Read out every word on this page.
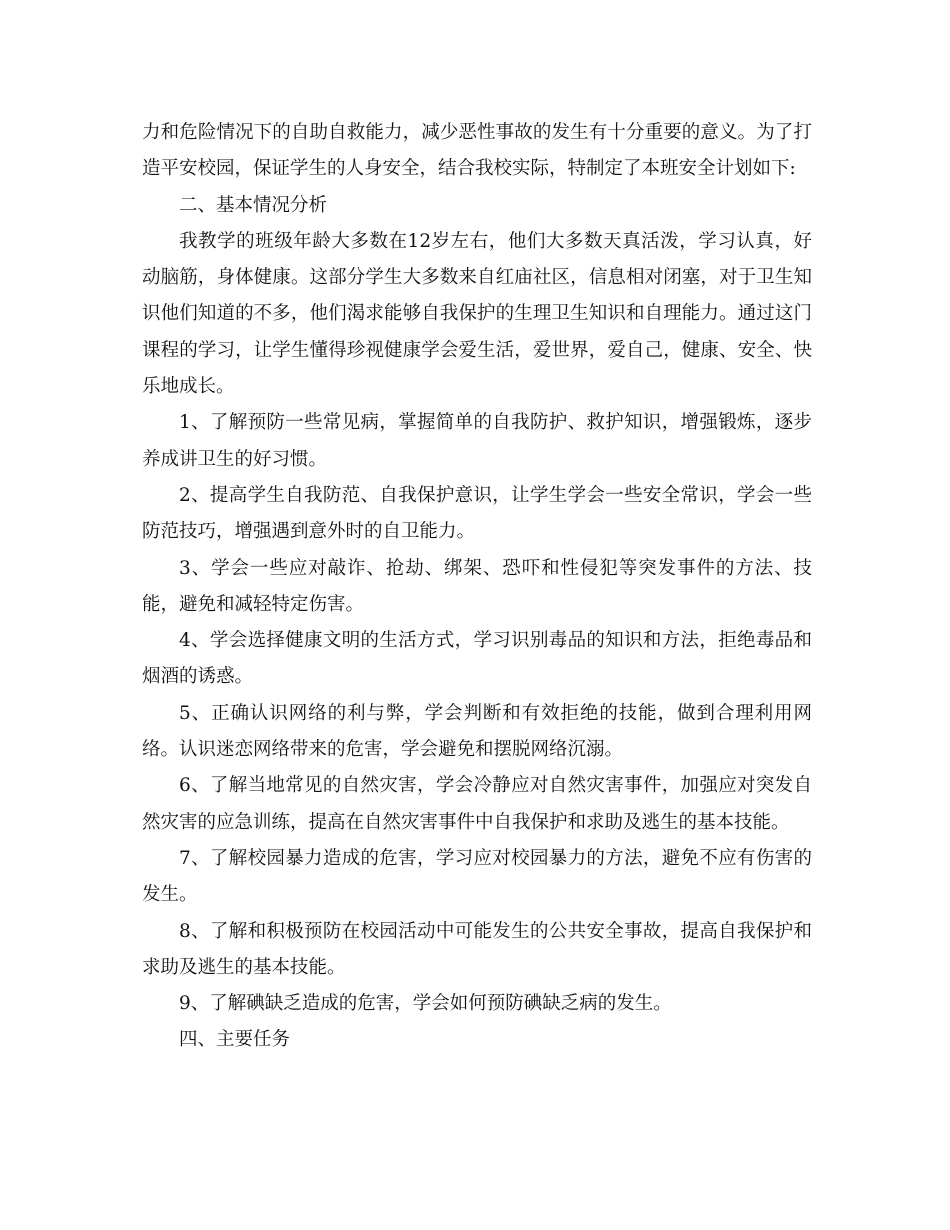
力和危险情况下的自助自救能力，减少恶性事故的发生有十分重要的意义。为了打造平安校园，保证学生的人身安全，结合我校实际，特制定了本班安全计划如下:

二、基本情况分析

我教学的班级年龄大多数在12岁左右，他们大多数天真活泼，学习认真，好动脑筋，身体健康。这部分学生大多数来自红庙社区，信息相对闭塞，对于卫生知识他们知道的不多，他们渴求能够自我保护的生理卫生知识和自理能力。通过这门课程的学习，让学生懂得珍视健康学会爱生活，爱世界，爱自己，健康、安全、快乐地成长。

1、了解预防一些常见病，掌握简单的自我防护、救护知识，增强锻炼，逐步养成讲卫生的好习惯。

2、提高学生自我防范、自我保护意识，让学生学会一些安全常识，学会一些防范技巧，增强遇到意外时的自卫能力。

3、学会一些应对敲诈、抢劫、绑架、恐吓和性侵犯等突发事件的方法、技能，避免和减轻特定伤害。

4、学会选择健康文明的生活方式，学习识别毒品的知识和方法，拒绝毒品和烟酒的诱惑。

5、正确认识网络的利与弊，学会判断和有效拒绝的技能，做到合理利用网络。认识迷恋网络带来的危害，学会避免和摆脱网络沉溺。

6、了解当地常见的自然灾害，学会冷静应对自然灾害事件，加强应对突发自然灾害的应急训练，提高在自然灾害事件中自我保护和求助及逃生的基本技能。

7、了解校园暴力造成的危害，学习应对校园暴力的方法，避免不应有伤害的发生。

8、了解和积极预防在校园活动中可能发生的公共安全事故，提高自我保护和求助及逃生的基本技能。

9、了解碘缺乏造成的危害，学会如何预防碘缺乏病的发生。

四、主要任务
